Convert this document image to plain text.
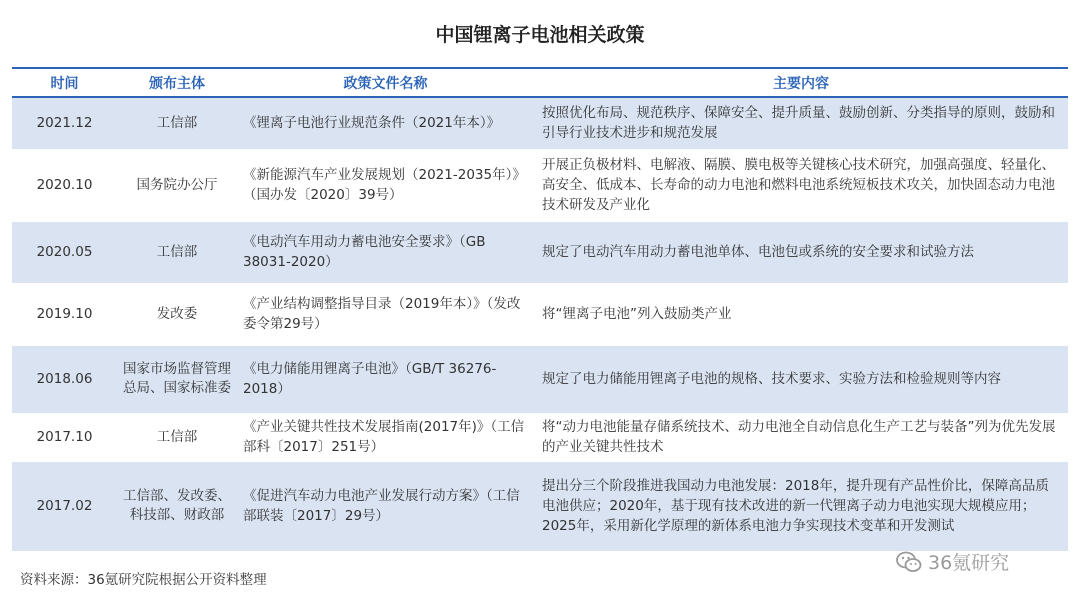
中国锂离子电池相关政策
时间	颁布主体	政策文件名称	主要内容
2021.12	工信部	《锂离子电池行业规范条件（2021年本）》	按照优化布局、规范秩序、保障安全、提升质量、鼓励创新、分类指导的原则，鼓励和引导行业技术进步和规范发展
2020.10	国务院办公厅	《新能源汽车产业发展规划（2021-2035年）》（国办发〔2020〕39号）	开展正负极材料、电解液、隔膜、膜电极等关键核心技术研究，加强高强度、轻量化、高安全、低成本、长寿命的动力电池和燃料电池系统短板技术攻关，加快固态动力电池技术研发及产业化
2020.05	工信部	《电动汽车用动力蓄电池安全要求》（GB 38031-2020）	规定了电动汽车用动力蓄电池单体、电池包或系统的安全要求和试验方法
2019.10	发改委	《产业结构调整指导目录（2019年本）》（发改委令第29号）	将“锂离子电池”列入鼓励类产业
2018.06	国家市场监督管理总局、国家标准委	《电力储能用锂离子电池》（GB/T 36276-2018）	规定了电力储能用锂离子电池的规格、技术要求、实验方法和检验规则等内容
2017.10	工信部	《产业关键共性技术发展指南(2017年)》（工信部科〔2017〕251号）	将“动力电池能量存储系统技术、动力电池全自动信息化生产工艺与装备”列为优先发展的产业关键共性技术
2017.02	工信部、发改委、科技部、财政部	《促进汽车动力电池产业发展行动方案》（工信部联装〔2017〕29号）	提出分三个阶段推进我国动力电池发展：2018年，提升现有产品性价比，保障高品质电池供应；2020年，基于现有技术改进的新一代锂离子动力电池实现大规模应用；2025年，采用新化学原理的新体系电池力争实现技术变革和开发测试
资料来源：36氪研究院根据公开资料整理
36氪研究
